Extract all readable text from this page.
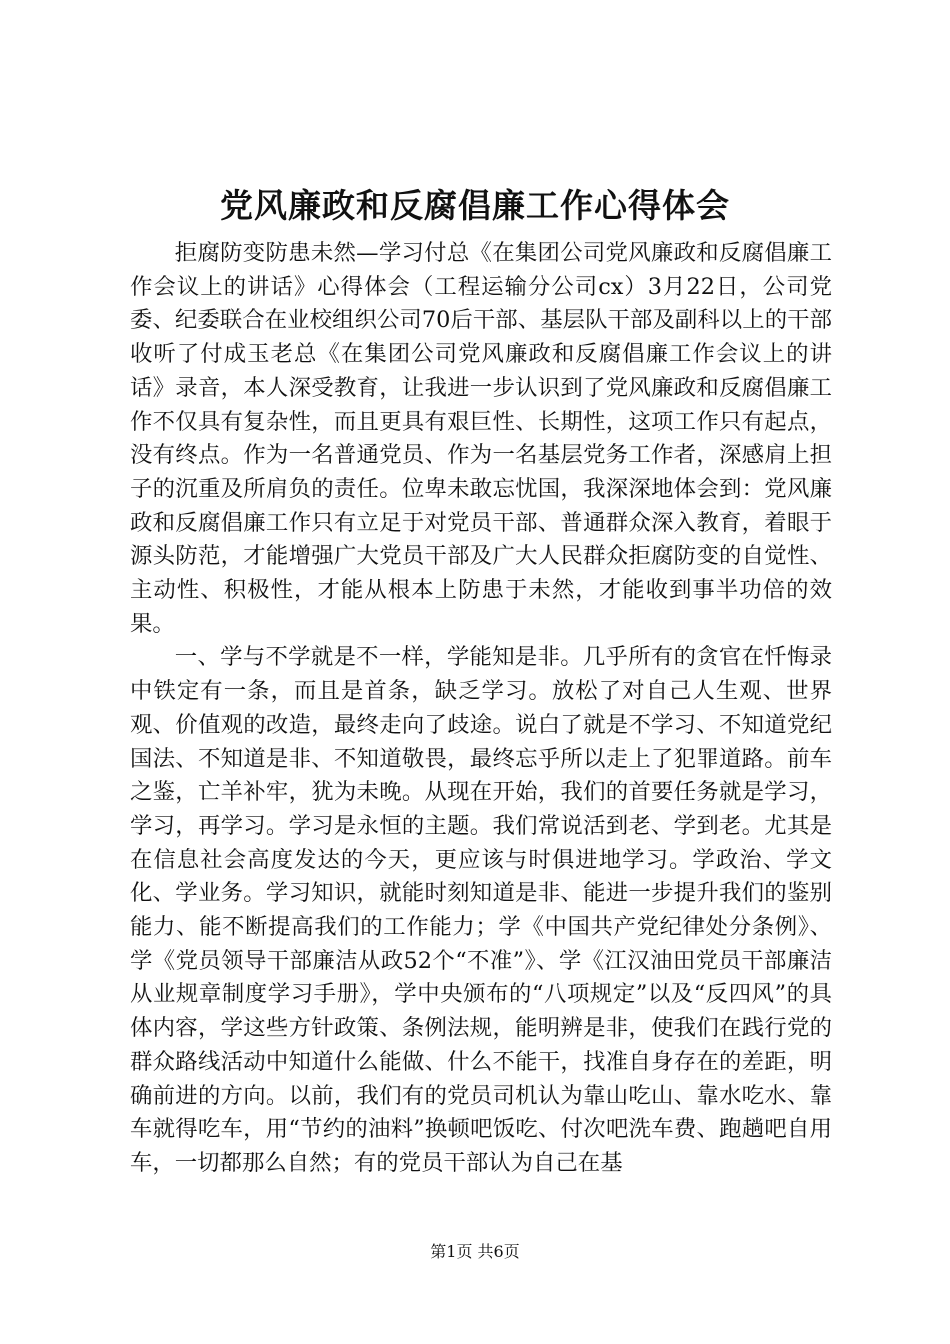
党风廉政和反腐倡廉工作心得体会

拒腐防变防患未然—学习付总《在集团公司党风廉政和反腐倡廉工作会议上的讲话》心得体会（工程运输分公司cx）3月22日，公司党委、纪委联合在业校组织公司70后干部、基层队干部及副科以上的干部收听了付成玉老总《在集团公司党风廉政和反腐倡廉工作会议上的讲话》录音，本人深受教育，让我进一步认识到了党风廉政和反腐倡廉工作不仅具有复杂性，而且更具有艰巨性、长期性，这项工作只有起点，没有终点。作为一名普通党员、作为一名基层党务工作者，深感肩上担子的沉重及所肩负的责任。位卑未敢忘忧国，我深深地体会到：党风廉政和反腐倡廉工作只有立足于对党员干部、普通群众深入教育，着眼于源头防范，才能增强广大党员干部及广大人民群众拒腐防变的自觉性、主动性、积极性，才能从根本上防患于未然，才能收到事半功倍的效果。

一、学与不学就是不一样，学能知是非。几乎所有的贪官在忏悔录中铁定有一条，而且是首条，缺乏学习。放松了对自己人生观、世界观、价值观的改造，最终走向了歧途。说白了就是不学习、不知道党纪国法、不知道是非、不知道敬畏，最终忘乎所以走上了犯罪道路。前车之鉴，亡羊补牢，犹为未晚。从现在开始，我们的首要任务就是学习，学习，再学习。学习是永恒的主题。我们常说活到老、学到老。尤其是在信息社会高度发达的今天，更应该与时俱进地学习。学政治、学文化、学业务。学习知识，就能时刻知道是非、能进一步提升我们的鉴别能力、能不断提高我们的工作能力；学《中国共产党纪律处分条例》、学《党员领导干部廉洁从政52个“不准”》、学《江汉油田党员干部廉洁从业规章制度学习手册》，学中央颁布的“八项规定”以及“反四风”的具体内容，学这些方针政策、条例法规，能明辨是非，使我们在践行党的群众路线活动中知道什么能做、什么不能干，找准自身存在的差距，明确前进的方向。以前，我们有的党员司机认为靠山吃山、靠水吃水、靠车就得吃车，用“节约的油料”换顿吧饭吃、付次吧洗车费、跑趟吧自用车，一切都那么自然；有的党员干部认为自己在基

第1页 共6页
